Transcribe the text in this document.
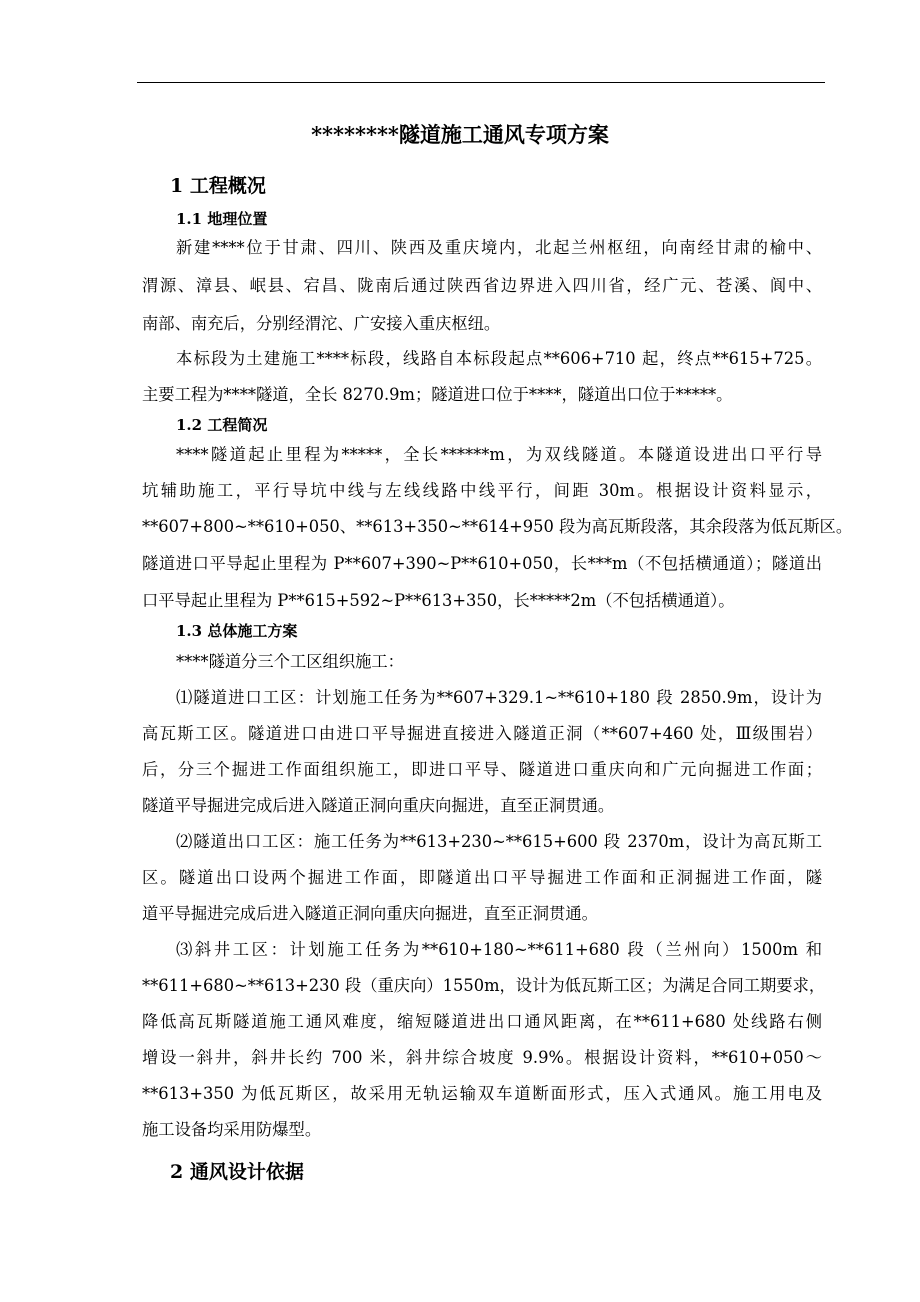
********隧道施工通风专项方案
1 工程概况
1.1 地理位置
新建****位于甘肃、四川、陕西及重庆境内，北起兰州枢纽，向南经甘肃的榆中、
渭源、漳县、岷县、宕昌、陇南后通过陕西省边界进入四川省，经广元、苍溪、阆中、
南部、南充后，分别经渭沱、广安接入重庆枢纽。
本标段为土建施工****标段，线路自本标段起点**606+710 起，终点**615+725。
主要工程为****隧道，全长 8270.9m；隧道进口位于****，隧道出口位于*****。
1.2 工程简况
****隧道起止里程为*****，全长******m，为双线隧道。本隧道设进出口平行导
坑辅助施工，平行导坑中线与左线线路中线平行，间距 30m。根据设计资料显示，
**607+800~**610+050、**613+350~**614+950 段为高瓦斯段落，其余段落为低瓦斯区。
隧道进口平导起止里程为 P**607+390~P**610+050，长***m（不包括横通道）；隧道出
口平导起止里程为 P**615+592~P**613+350，长*****2m（不包括横通道）。
1.3 总体施工方案
****隧道分三个工区组织施工：
⑴隧道进口工区：计划施工任务为**607+329.1~**610+180 段 2850.9m，设计为
高瓦斯工区。隧道进口由进口平导掘进直接进入隧道正洞（**607+460 处，Ⅲ级围岩）
后，分三个掘进工作面组织施工，即进口平导、隧道进口重庆向和广元向掘进工作面；
隧道平导掘进完成后进入隧道正洞向重庆向掘进，直至正洞贯通。
⑵隧道出口工区：施工任务为**613+230~**615+600 段 2370m，设计为高瓦斯工
区。隧道出口设两个掘进工作面，即隧道出口平导掘进工作面和正洞掘进工作面，隧
道平导掘进完成后进入隧道正洞向重庆向掘进，直至正洞贯通。
⑶斜井工区：计划施工任务为**610+180~**611+680 段（兰州向）1500m 和
**611+680~**613+230 段（重庆向）1550m，设计为低瓦斯工区；为满足合同工期要求，
降低高瓦斯隧道施工通风难度，缩短隧道进出口通风距离，在**611+680 处线路右侧
增设一斜井，斜井长约 700 米，斜井综合坡度 9.9%。根据设计资料，**610+050～
**613+350 为低瓦斯区，故采用无轨运输双车道断面形式，压入式通风。施工用电及
施工设备均采用防爆型。
2 通风设计依据
